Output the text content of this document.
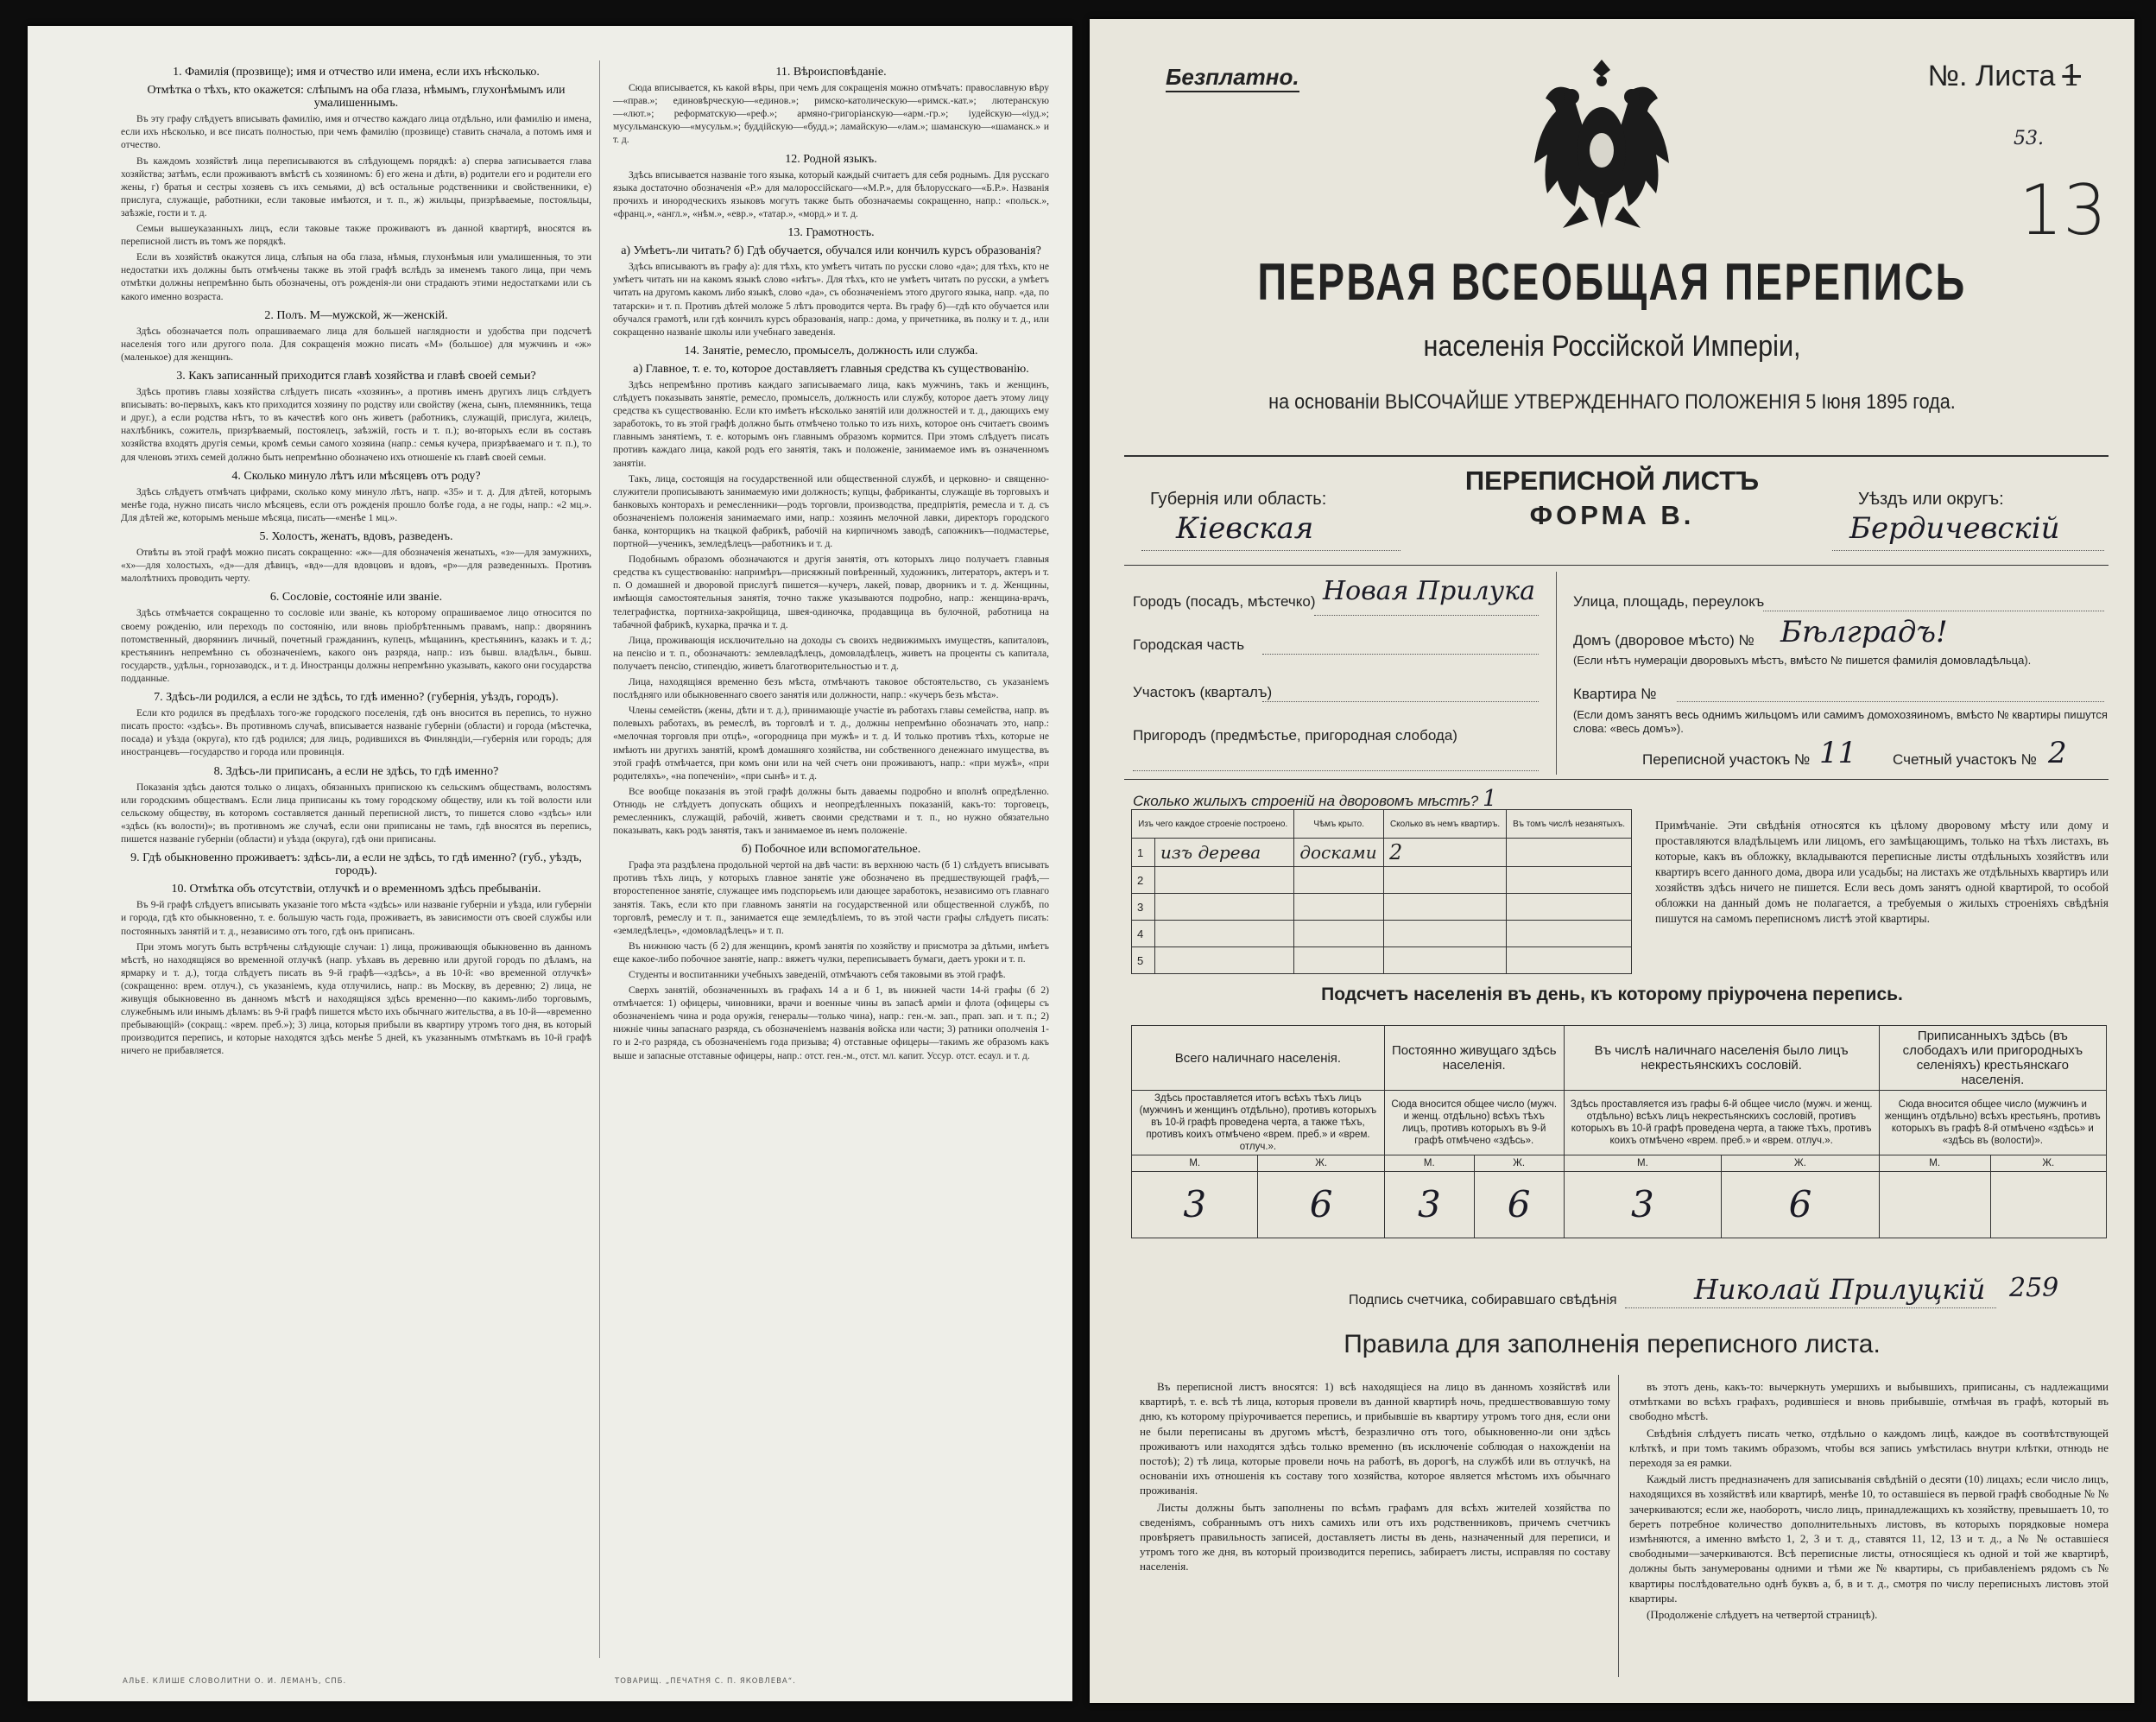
1. Фамилія (прозвище); имя и отчество или имена, если ихъ нѣсколько.
Отмѣтка о тѣхъ, кто окажется: слѣпымъ на оба глаза, нѣмымъ, глухонѣмымъ или умалишеннымъ.

Въ эту графу слѣдуетъ вписывать фамилію, имя и отчество каждаго лица отдѣльно, или фамилію и имена, если ихъ нѣсколько, и все писать полностью, при чемъ фамилію (прозвище) ставить сначала, а потомъ имя и отчество.

Въ каждомъ хозяйствѣ лица переписываются въ слѣдующемъ порядкѣ: а) сперва записывается глава хозяйства; затѣмъ, если проживаютъ вмѣстѣ съ хозяиномъ: б) его жена и дѣти, в) родители его и родители его жены, г) братья и сестры хозяевъ съ ихъ семьями, д) всѣ остальные родственники и свойственники, е) прислуга, служащіе, работники, если таковые имѣются, и т. п., ж) жильцы, призрѣваемые, постояльцы, заѣзжіе, гости и т. д.

Семьи вышеуказанныхъ лицъ, если таковые также проживаютъ въ данной квартирѣ, вносятся въ переписной листъ въ томъ же порядкѣ.

Если въ хозяйствѣ окажутся лица, слѣпыя на оба глаза, нѣмыя, глухонѣмыя или умалишенныя, то эти недостатки ихъ должны быть отмѣчены также въ этой графѣ вслѣдъ за именемъ такого лица, при чемъ отмѣтки должны непремѣнно быть обозначены, отъ рожденія-ли они страдаютъ этими недостатками или съ какого именно возраста.

2. Полъ. М—мужской, ж—женскій.

Здѣсь обозначается полъ опрашиваемаго лица для большей наглядности и удобства при подсчетѣ населенія того или другого пола. Для сокращенія можно писать «М» (большое) для мужчинъ и «ж» (маленькое) для женщинъ.

3. Какъ записанный приходится главѣ хозяйства и главѣ своей семьи?

Здѣсь противъ главы хозяйства слѣдуетъ писать «хозяинъ», а противъ именъ другихъ лицъ слѣдуетъ вписывать: во-первыхъ, какъ кто приходится хозяину по родству или свойству (жена, сынъ, племянникъ, теща и друг.), а если родства нѣтъ, то въ качествѣ кого онъ живетъ (работникъ, служащій, прислуга, жилецъ, нахлѣбникъ, сожитель, призрѣваемый, постоялецъ, заѣзжій, гость и т. п.); во-вторыхъ если въ составъ хозяйства входятъ другія семьи, кромѣ семьи самого хозяина (напр.: семья кучера, призрѣваемаго и т. п.), то для членовъ этихъ семей должно быть непремѣнно обозначено ихъ отношеніе къ главѣ своей семьи.

4. Сколько минуло лѣтъ или мѣсяцевъ отъ роду?

Здѣсь слѣдуетъ отмѣчать цифрами, сколько кому минуло лѣтъ, напр. «35» и т. д. Для дѣтей, которымъ менѣе года, нужно писать число мѣсяцевъ, если отъ рожденія прошло болѣе года, а не годы, напр.: «2 мц.». Для дѣтей же, которымъ меньше мѣсяца, писать—«менѣе 1 мц.».

5. Холостъ, женатъ, вдовъ, разведенъ.

Отвѣты въ этой графѣ можно писать сокращенно: «ж»—для обозначенія женатыхъ, «з»—для замужнихъ, «х»—для холостыхъ, «д»—для дѣвицъ, «вд»—для вдовцовъ и вдовъ, «р»—для разведенныхъ. Противъ малолѣтнихъ проводить черту.

6. Сословіе, состояніе или званіе.

Здѣсь отмѣчается сокращенно то сословіе или званіе, къ которому опрашиваемое лицо относится по своему рожденію, или переходъ по состоянію, или вновь пріобрѣтеннымъ правамъ, напр.: дворянинъ потомственный, дворянинъ личный, почетный гражданинъ, купецъ, мѣщанинъ, крестьянинъ, казакъ и т. д.; крестьянинъ непремѣнно съ обозначеніемъ, какого онъ разряда, напр.: изъ бывш. владѣльч., бывш. государств., удѣльн., горнозаводск., и т. д. Иностранцы должны непремѣнно указывать, какого они государства подданные.

7. Здѣсь-ли родился, а если не здѣсь, то гдѣ именно? (губернія, уѣздъ, городъ).

Если кто родился въ предѣлахъ того-же городского поселенія, гдѣ онъ вносится въ перепись, то нужно писать просто: «здѣсь». Въ противномъ случаѣ, вписывается названіе губерніи (области) и города (мѣстечка, посада) и уѣзда (округа), кто гдѣ родился; для лицъ, родившихся въ Финляндіи,—губернія или городъ; для иностранцевъ—государство и города или провинція.

8. Здѣсь-ли приписанъ, а если не здѣсь, то гдѣ именно?

Показанія здѣсь даются только о лицахъ, обязанныхъ припискою къ сельскимъ обществамъ, волостямъ или городскимъ обществамъ. Если лица приписаны къ тому городскому обществу, или къ той волости или сельскому обществу, въ которомъ составляется данный переписной листъ, то пишется слово «здѣсь» или «здѣсь (къ волости)»; въ противномъ же случаѣ, если они приписаны не тамъ, гдѣ вносятся въ перепись, пишется названіе губерніи (области) и уѣзда (округа), гдѣ они приписаны.

9. Гдѣ обыкновенно проживаетъ: здѣсь-ли, а если не здѣсь, то гдѣ именно? (губ., уѣздъ, городъ).
10. Отмѣтка объ отсутствіи, отлучкѣ и о временномъ здѣсь пребываніи.

Въ 9-й графѣ слѣдуетъ вписывать указаніе того мѣста «здѣсь» или названіе губерніи и уѣзда, или губерніи и города, гдѣ кто обыкновенно, т. е. большую часть года, проживаетъ, въ зависимости отъ своей службы или постоянныхъ занятій и т. д., независимо отъ того, гдѣ онъ приписанъ.

При этомъ могутъ быть встрѣчены слѣдующіе случаи: 1) лица, проживающія обыкновенно въ данномъ мѣстѣ, но находящіяся во временной отлучкѣ (напр. уѣхавъ въ деревню или другой городъ по дѣламъ, на ярмарку и т. д.), тогда слѣдуетъ писать въ 9-й графѣ—«здѣсь», а въ 10-й: «во временной отлучкѣ» (сокращенно: врем. отлуч.), съ указаніемъ, куда отлучились, напр.: въ Москву, въ деревню; 2) лица, не живущія обыкновенно въ данномъ мѣстѣ и находящіяся здѣсь временно—по какимъ-либо торговымъ, служебнымъ или инымъ дѣламъ: въ 9-й графѣ пишется мѣсто ихъ обычнаго жительства, а въ 10-й—«временно пребывающій» (сокращ.: «врем. преб.»); 3) лица, которыя прибыли въ квартиру утромъ того дня, въ который производится перепись, и которые находятся здѣсь менѣе 5 дней, къ указаннымъ отмѣткамъ въ 10-й графѣ ничего не прибавляется.

11. Вѣроисповѣданіе.

Сюда вписывается, къ какой вѣры, при чемъ для сокращенія можно отмѣчать: православную вѣру—«прав.»; единовѣрческую—«единов.»; римско-католическую—«римск.-кат.»; лютеранскую—«лют.»; реформатскую—«реф.»; армяно-григоріанскую—«арм.-гр.»; іудейскую—«іуд.»; мусульманскую—«мусульм.»; буддійскую—«будд.»; ламайскую—«лам.»; шаманскую—«шаманск.» и т. д.

12. Родной языкъ.

Здѣсь вписывается названіе того языка, который каждый считаетъ для себя роднымъ. Для русскаго языка достаточно обозначенія «Р.» для малороссійскаго—«М.Р.», для бѣлорусскаго—«Б.Р.». Названія прочихъ и инородческихъ языковъ могутъ также быть обозначаемы сокращенно, напр.: «польск.», «франц.», «англ.», «нѣм.», «евр.», «татар.», «морд.» и т. д.

13. Грамотность.
а) Умѣетъ-ли читать? б) Гдѣ обучается, обучался или кончилъ курсъ образованія?

Здѣсь вписываютъ въ графу а): для тѣхъ, кто умѣетъ читать по русски слово «да»; для тѣхъ, кто не умѣетъ читать ни на какомъ языкѣ слово «нѣтъ». Для тѣхъ, кто не умѣетъ читать по русски, а умѣетъ читать на другомъ какомъ либо языкѣ, слово «да», съ обозначеніемъ этого другого языка, напр. «да, по татарски» и т. п. Противъ дѣтей моложе 5 лѣтъ проводится черта. Въ графу б)—гдѣ кто обучается или обучался грамотѣ, или гдѣ кончилъ курсъ образованія, напр.: дома, у причетника, въ полку и т. д., или сокращенно названіе школы или учебнаго заведенія.

14. Занятіе, ремесло, промыселъ, должность или служба.
а) Главное, т. е. то, которое доставляетъ главныя средства къ существованію.

Здѣсь непремѣнно противъ каждаго записываемаго лица, какъ мужчинъ, такъ и женщинъ, слѣдуетъ показывать занятіе, ремесло, промыселъ, должность или службу, которое даетъ этому лицу средства къ существованію. Если кто имѣетъ нѣсколько занятій или должностей и т. д., дающихъ ему заработокъ, то въ этой графѣ должно быть отмѣчено только то изъ нихъ, которое онъ считаетъ своимъ главнымъ занятіемъ, т. е. которымъ онъ главнымъ образомъ кормится. При этомъ слѣдуетъ писать противъ каждаго лица, какой родъ его занятія, такъ и положеніе, занимаемое имъ въ означенномъ занятіи.

Такъ, лица, состоящія на государственной или общественной службѣ, и церковно- и священно-служители прописываютъ занимаемую ими должность; купцы, фабриканты, служащіе въ торговыхъ и банковыхъ конторахъ и ремесленники—родъ торговли, производства, предпріятія, ремесла и т. д. съ обозначеніемъ положенія занимаемаго ими, напр.: хозяинъ мелочной лавки, директоръ городского банка, конторщикъ на ткацкой фабрикѣ, рабочій на кирпичномъ заводѣ, сапожникъ—подмастерье, портной—ученикъ, земледѣлецъ—работникъ и т. д.

Подобнымъ образомъ обозначаются и другія занятія, отъ которыхъ лицо получаетъ главныя средства къ существованію: напримѣръ—присяжный повѣренный, художникъ, литераторъ, актеръ и т. п. О домашней и дворовой прислугѣ пишется—кучеръ, лакей, повар, дворникъ и т. д. Женщины, имѣющія самостоятельныя занятія, точно также указываются подробно, напр.: женщина-врачъ, телеграфистка, портниха-закройщица, швея-одиночка, продавщица въ булочной, работница на табачной фабрикѣ, кухарка, прачка и т. д.

Лица, проживающія исключительно на доходы съ своихъ недвижимыхъ имуществъ, капиталовъ, на пенсію и т. п., обозначаютъ: землевладѣлецъ, домовладѣлецъ, живетъ на проценты съ капитала, получаетъ пенсію, стипендію, живетъ благотворительностью и т. д.

Лица, находящіяся временно безъ мѣста, отмѣчаютъ таковое обстоятельство, съ указаніемъ послѣдняго или обыкновеннаго своего занятія или должности, напр.: «кучеръ безъ мѣста».

Члены семействъ (жены, дѣти и т. д.), принимающіе участіе въ работахъ главы семейства, напр. въ полевыхъ работахъ, въ ремеслѣ, въ торговлѣ и т. д., должны непремѣнно обозначать это, напр.: «мелочная торговля при отцѣ», «огородница при мужѣ» и т. д. И только противъ тѣхъ, которые не имѣютъ ни другихъ занятій, кромѣ домашняго хозяйства, ни собственного денежнаго имущества, въ этой графѣ отмѣчается, при комъ они или на чей счетъ они проживаютъ, напр.: «при мужѣ», «при родителяхъ», «на попеченіи», «при сынѣ» и т. д.

Все вообще показанія въ этой графѣ должны быть даваемы подробно и вполнѣ опредѣленно. Отнюдь не слѣдуетъ допускать общихъ и неопредѣленныхъ показаній, какъ-то: торговецъ, ремесленникъ, служащій, рабочій, живетъ своими средствами и т. п., но нужно обязательно показывать, какъ родъ занятія, такъ и занимаемое въ немъ положеніе.

б) Побочное или вспомогательное.

Графа эта раздѣлена продольной чертой на двѣ части: въ верхнюю часть (б 1) слѣдуетъ вписывать противъ тѣхъ лицъ, у которыхъ главное занятіе уже обозначено въ предшествующей графѣ,—второстепенное занятіе, служащее имъ подспорьемъ или дающее заработокъ, независимо отъ главнаго занятія. Такъ, если кто при главномъ занятіи на государственной или общественной службѣ, по торговлѣ, ремеслу и т. п., занимается еще земледѣліемъ, то въ этой части графы слѣдуетъ писать: «земледѣлецъ», «домовладѣлецъ» и т. п.

Въ нижнюю часть (б 2) для женщинъ, кромѣ занятія по хозяйству и присмотра за дѣтьми, имѣетъ еще какое-либо побочное занятіе, напр.: вяжетъ чулки, переписываетъ бумаги, даетъ уроки и т. п.

Студенты и воспитанники учебныхъ заведеній, отмѣчаютъ себя таковыми въ этой графѣ.

Сверхъ занятій, обозначенныхъ въ графахъ 14 а и б 1, въ нижней части 14-й графы (б 2) отмѣчается: 1) офицеры, чиновники, врачи и военные чины въ запасѣ армiи и флота (офицеры съ обозначеніемъ чина и рода оружія, генералы—только чина), напр.: ген.-м. зап., прап. зап. и т. п.; 2) нижніе чины запаснаго разряда, съ обозначеніемъ названія войска или части; 3) ратники ополченія 1-го и 2-го разряда, съ обозначеніемъ года призыва; 4) отставные офицеры—такимъ же образомъ какъ выше и запасные отставные офицеры, напр.: отст. ген.-м., отст. мл. капит. Уссур. отст. есаул. и т. д.

АЛЬЕ. КЛИШЕ СЛОВОЛИТНИ О. И. ЛЕМАНЪ, СПБ.	ТОВАРИЩ. „ПЕЧАТНЯ С. П. ЯКОВЛЕВА“.
Безплатно.	№. Листа 1
53.
13
ПЕРВАЯ ВСЕОБЩАЯ ПЕРЕПИСЬ
населенія Россійской Имперіи,
на основаніи ВЫСОЧАЙШЕ УТВЕРЖДЕННАГО ПОЛОЖЕНІЯ 5 Іюня 1895 года.
Губернія или область:
Кіевская
ПЕРЕПИСНОЙ ЛИСТЪ
ФОРМА В.
Уѣздъ или округъ:
Бердичевскій
Городъ (посадъ, мѣстечко) Новая Прилука
Городская часть
Участокъ (кварталъ)
Пригородъ (предмѣстье, пригородная слобода)
Улица, площадь, переулокъ
Домъ (дворовое мѣсто) № Бѣлградъ!
(Если нѣтъ нумераціи дворовыхъ мѣстъ, вмѣсто № пишется фамилія домовладѣльца).
Квартира №
(Если домъ занятъ весь однимъ жильцомъ или самимъ домохозяиномъ, вмѣсто № квартиры пишутся слова: «весь домъ»).
Переписной участокъ № 11 Счетный участокъ № 2
Сколько жилыхъ строеній на дворовомъ мѣстѣ? 1
Изъ чего каждое строеніе построено.		Чѣмъ крыто.	Сколько въ немъ квартиръ.	Въ томъ числѣ незанятыхъ.
1	изъ дерева	досками	2	
2				
3				
4				
5				
Примѣчаніе. Эти свѣдѣнія относятся къ цѣлому дворовому мѣсту или дому и проставляются владѣльцемъ или лицомъ, его замѣщающимъ, только на тѣхъ листахъ, въ которые, какъ въ обложку, вкладываются переписные листы отдѣльныхъ хозяйствъ или квартиръ всего данного дома, двора или усадьбы; на листахъ же отдѣльныхъ квартиръ или хозяйствъ здѣсь ничего не пишется. Если весь домъ занятъ одной квартирой, то особой обложки на данный домъ не полагается, а требуемыя о жилыхъ строеніяхъ свѣдѣнія пишутся на самомъ переписномъ листѣ этой квартиры.
Подсчетъ населенія въ день, къ которому пріурочена перепись.
Всего наличнаго населенія.		Постоянно живущаго здѣсь населенія.		Въ числѣ наличнаго населенія было лицъ некрестьянскихъ сословій.		Приписанныхъ здѣсь (въ слободахъ или пригородныхъ селеніяхъ) крестьянскаго населенія.	
Здѣсь проставляется итогъ всѣхъ тѣхъ лицъ (мужчинъ и женщинъ отдѣльно), противъ которыхъ въ 10-й графѣ проведена черта, а также тѣхъ, противъ коихъ отмѣчено «врем. преб.» и «врем. отлуч.».		Сюда вносится общее число (мужч. и женщ. отдѣльно) всѣхъ тѣхъ лицъ, противъ которыхъ въ 9-й графѣ отмѣчено «здѣсь».		Здѣсь проставляется изъ графы 6-й общее число (мужч. и женщ. отдѣльно) всѣхъ лицъ некрестьянскихъ сословій, противъ которыхъ въ 10-й графѣ проведена черта, а также тѣхъ, противъ коихъ отмѣчено «врем. преб.» и «врем. отлуч.».		Сюда вносится общее число (мужчинъ и женщинъ отдѣльно) всѣхъ крестьянъ, противъ которыхъ въ графѣ 8-й отмѣчено «здѣсь» и «здѣсь въ (волости)».	
М.	Ж.	М.	Ж.	М.	Ж.	М.	Ж.
3	6	3	6	3	6		
Подпись счетчика, собиравшаго свѣдѣнія	Николай Прилуцкій 259
Правила для заполненія переписного листа.

Въ переписной листъ вносятся: 1) всѣ находящіеся на лицо въ данномъ хозяйствѣ или квартирѣ, т. е. всѣ тѣ лица, которыя провели въ данной квартирѣ ночь, предшествовавшую тому дню, къ которому пріурочивается перепись, и прибывшіе въ квартиру утромъ того дня, если они не были переписаны въ другомъ мѣстѣ, безразлично отъ того, обыкновенно-ли они здѣсь проживаютъ или находятся здѣсь только временно (въ исключеніе соблюдая о нахожденіи на постоѣ); 2) тѣ лица, которые провели ночь на работѣ, въ дорогѣ, на службѣ или въ отлучкѣ, на основаніи ихъ отношенія къ составу того хозяйства, которое является мѣстомъ ихъ обычнаго проживанія.

Листы должны быть заполнены по всѣмъ графамъ для всѣхъ жителей хозяйства по сведеніямъ, собраннымъ отъ нихъ самихъ или отъ ихъ родственниковъ, причемъ счетчикъ провѣряетъ правильность записей, доставляетъ листы въ день, назначенный для переписи, и утромъ того же дня, въ который производится перепись, забираетъ листы, исправляя по составу населенія.

въ этотъ день, какъ-то: вычеркнуть умершихъ и выбывшихъ, приписаны, съ надлежащими отмѣтками во всѣхъ графахъ, родившіеся и вновь прибывшіе, отмѣчая въ графѣ, который въ свободно мѣстѣ.

Свѣдѣнія слѣдуетъ писать четко, отдѣльно о каждомъ лицѣ, каждое въ соотвѣтствующей клѣткѣ, и при томъ такимъ образомъ, чтобы вся запись умѣстилась внутри клѣтки, отнюдь не переходя за ея рамки.

Каждый листъ предназначенъ для записыванія свѣдѣній о десяти (10) лицахъ; если число лицъ, находящихся въ хозяйствѣ или квартирѣ, менѣе 10, то оставшіеся въ первой графѣ свободные № № зачеркиваются; если же, наоборотъ, число лицъ, принадлежащихъ къ хозяйству, превышаетъ 10, то беретъ потребное количество дополнительныхъ листовъ, въ которыхъ порядковые номера измѣняются, а именно вмѣсто 1, 2, 3 и т. д., ставятся 11, 12, 13 и т. д., а № № оставшіеся свободными—зачеркиваются. Всѣ переписные листы, относящіеся къ одной и той же квартирѣ, должны быть занумерованы одними и тѣми же № квартиры, съ прибавленіемъ рядомъ съ № квартиры послѣдовательно однѣ буквъ а, б, в и т. д., смотря по числу переписныхъ листовъ этой квартиры.

(Продолженіе слѣдуетъ на четвертой страницѣ).
